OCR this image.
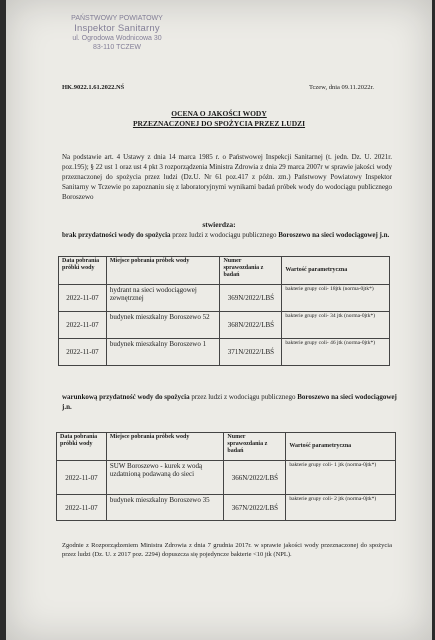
PAŃSTWOWY POWIATOWY
Inspektor Sanitarny
ul. Ogrodowa Wodnicowa 30
83-110 TCZEW
HK.9022.1.61.2022.NŚ	Tczew, dnia 09.11.2022r.
OCENA O JAKOŚCI WODY
PRZEZNACZONEJ DO SPOŻYCIA PRZEZ LUDZI
Na podstawie art. 4 Ustawy z dnia 14 marca 1985 r. o Państwowej Inspekcji Sanitarnej (t. jedn. Dz. U. 2021r. poz.195); § 22 ust 1 oraz ust 4 pkt 3 rozporządzenia Ministra Zdrowia z dnia 29 marca 2007r w sprawie jakości wody przeznaczonej do spożycia przez ludzi (Dz.U. Nr 61 poz.417 z późn. zm.) Państwowy Powiatowy Inspektor Sanitarny w Tczewie po zapoznaniu się z laboratoryjnymi wynikami badań próbek wody do wodociągu publicznego Boroszewo
stwierdza:
brak przydatności wody do spożycia przez ludzi z wodociągu publicznego Boroszewo na sieci wodociągowej j.n.
Data pobrania próbki wody	Miejsce pobrania próbek wody	Numer sprawozdania z badań	Wartość parametryczna
2022-11-07	hydrant na sieci wodociągowej zewnętrznej	369N/2022/LBŚ	bakterie grupy coli- 18jtk (norma-0jtk*)
2022-11-07	budynek mieszkalny Boroszewo 52	368N/2022/LBŚ	bakterie grupy coli- 34 jtk (norma-0jtk*)
2022-11-07	budynek mieszkalny Boroszewo 1	371N/2022/LBŚ	bakterie grupy coli- 46 jtk (norma-0jtk*)
warunkową przydatność wody do spożycia przez ludzi z wodociągu publicznego Boroszewo na sieci wodociągowej j.n.
Data pobrania próbki wody	Miejsce pobrania próbek wody	Numer sprawozdania z badań	Wartość parametryczna
2022-11-07	SUW Boroszewo - kurek z wodą uzdatnioną podawaną do sieci	366N/2022/LBŚ	bakterie grupy coli- 1 jtk (norma-0jtk*)
2022-11-07	budynek mieszkalny Boroszewo 35	367N/2022/LBŚ	bakterie grupy coli- 2 jtk (norma-0jtk*)
Zgodnie z Rozporządzeniem Ministra Zdrowia z dnia 7 grudnia 2017r. w sprawie jakości wody przeznaczonej do spożycia przez ludzi (Dz. U. z 2017 poz. 2294) dopuszcza się pojedyncze bakterie <10 jtk (NPL).
